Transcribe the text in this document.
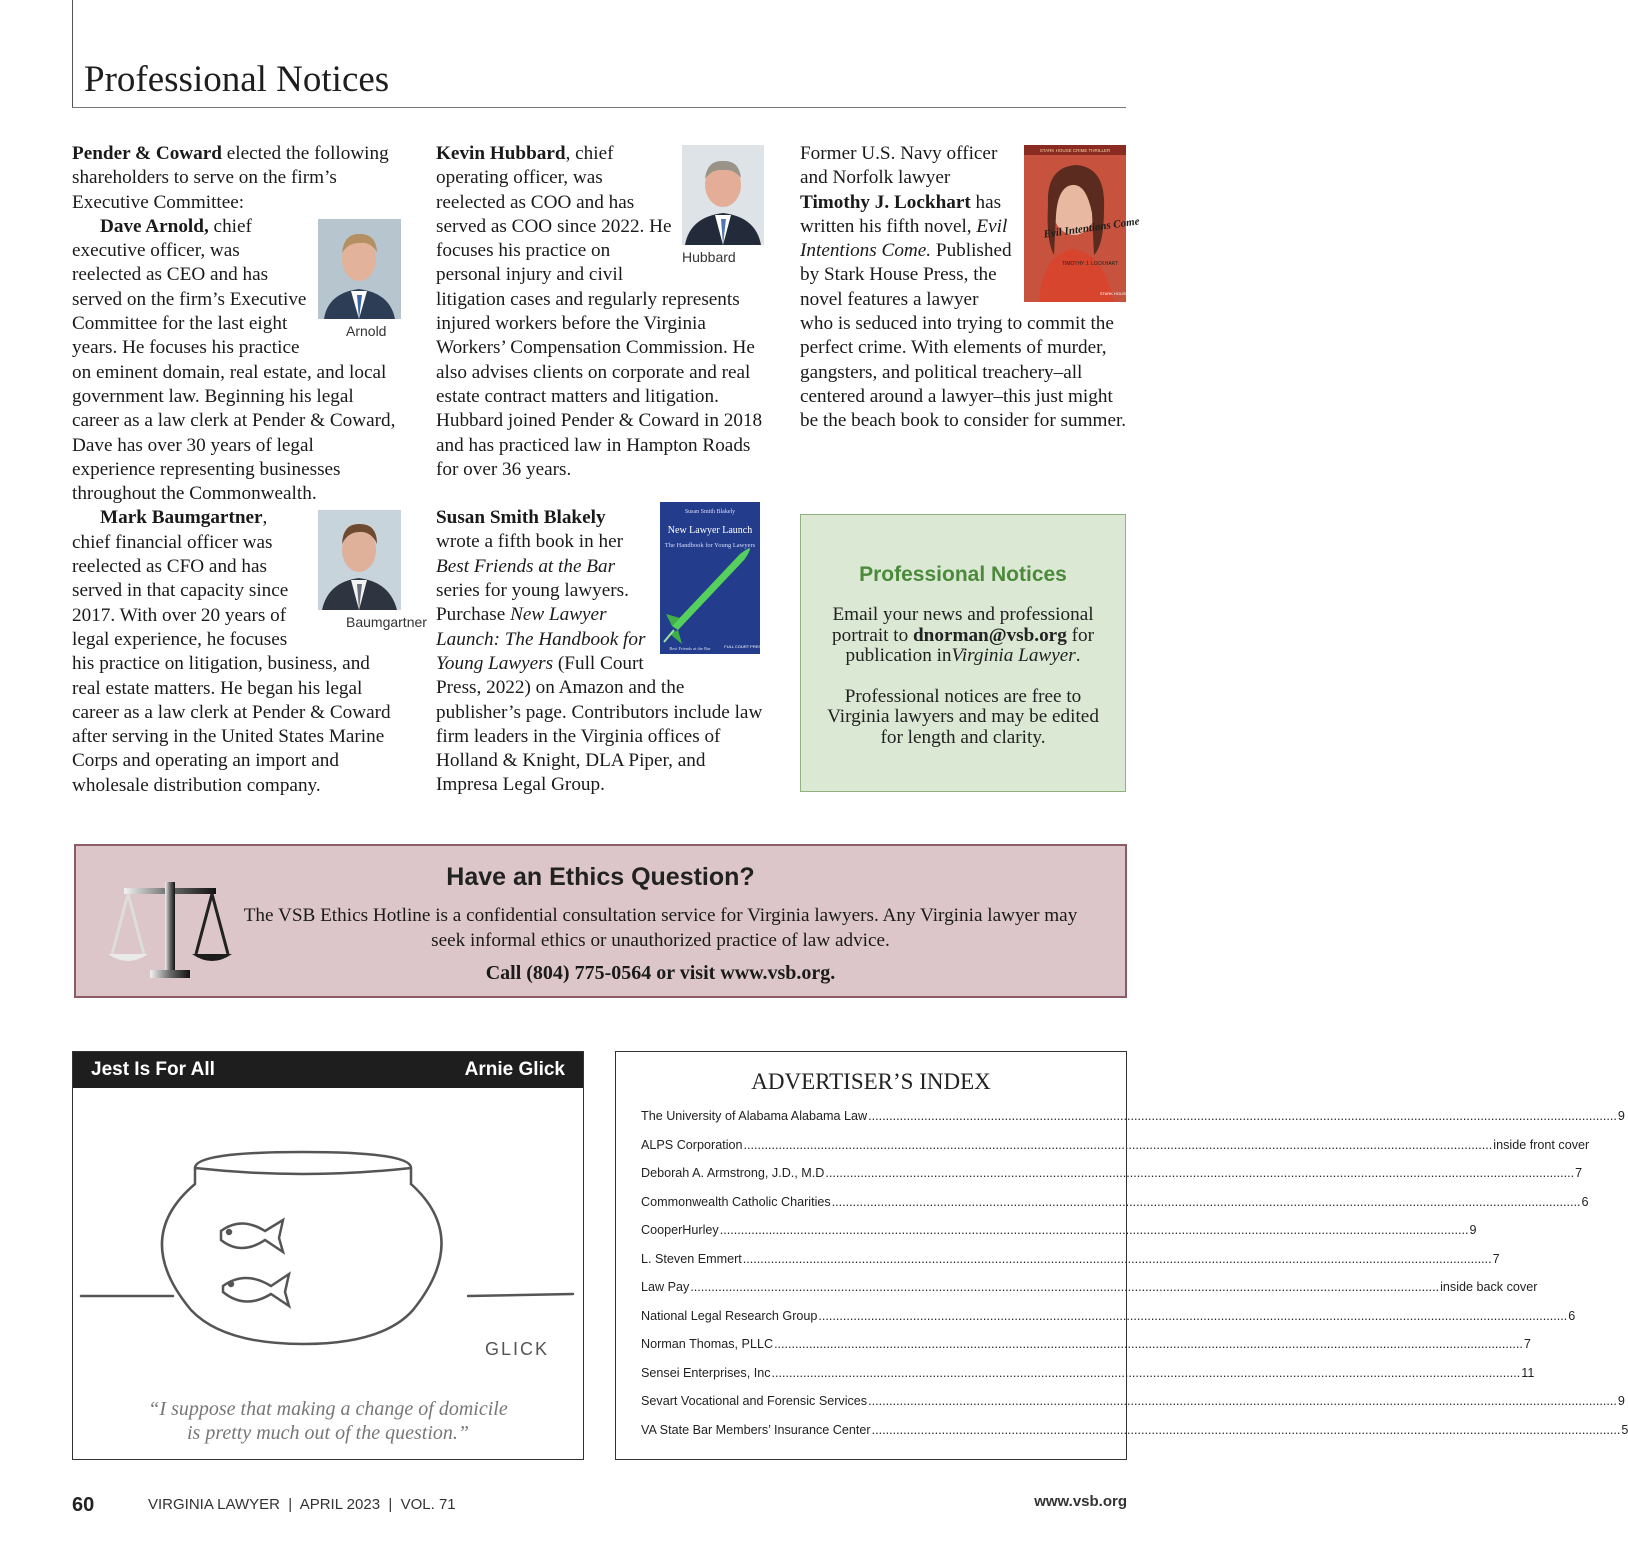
Professional Notices

Pender & Coward elected the following shareholders to serve on the firm’s Executive Committee:

Arnold
Dave Arnold, chief executive officer, was reelected as CEO and has served on the firm’s Executive Committee for the last eight years. He focuses his practice on eminent domain, real estate, and local government law. Beginning his legal career as a law clerk at Pender & Coward, Dave has over 30 years of legal experience representing businesses throughout the Commonwealth.

Baumgartner
Mark Baumgartner, chief financial officer was reelected as CFO and has served in that capacity since 2017. With over 20 years of legal experience, he focuses his practice on litigation, business, and real estate matters. He began his legal career as a law clerk at Pender & Coward after serving in the United States Marine Corps and operating an import and wholesale distribution company.

Hubbard
Kevin Hubbard, chief operating officer, was reelected as COO and has served as COO since 2022. He focuses his practice on personal injury and civil litigation cases and regularly represents injured workers before the Virginia Workers’ Compensation Commission. He also advises clients on corporate and real estate contract matters and litigation. Hubbard joined Pender & Coward in 2018 and has practiced law in Hampton Roads for over 36 years.

Susan Smith Blakely
New Lawyer Launch
The Handbook for Young Lawyers
Best Friends at the Bar	FULL COURT PRESS
Susan Smith Blakely wrote a fifth book in her Best Friends at the Bar series for young lawyers. Purchase New Lawyer Launch: The Handbook for Young Lawyers (Full Court Press, 2022) on Amazon and the publisher’s page. Contributors include law firm leaders in the Virginia offices of Holland & Knight, DLA Piper, and Impresa Legal Group.

STARK HOUSE CRIME THRILLER
Evil Intentions Come
TIMOTHY J. LOCKHART
STARK HOUSE
Former U.S. Navy officer and Norfolk lawyer Timothy J. Lockhart has written his fifth novel, Evil Intentions Come. Published by Stark House Press, the novel features a lawyer who is seduced into trying to commit the perfect crime. With elements of murder, gangsters, and political treachery–all centered around a lawyer–this just might be the beach book to consider for summer.

Professional Notices
Email your news and professional portrait to dnorman@vsb.org for publication inVirginia Lawyer.
Professional notices are free to Virginia lawyers and may be edited for length and clarity.
Have an Ethics Question?
The VSB Ethics Hotline is a confidential consultation service for Virginia lawyers. Any Virginia lawyer may seek informal ethics or unauthorized practice of law advice.
Call (804) 775-0564 or visit www.vsb.org.
Jest Is For All	Arnie Glick
GLICK
“I suppose that making a change of domicile
is pretty much out of the question.”
ADVERTISER’S INDEX
The University of Alabama Alabama Law .....	9
ALPS Corporation .....	inside front cover
Deborah A. Armstrong, J.D., M.D .....	7
Commonwealth Catholic Charities .....	6
CooperHurley .....	9
L. Steven Emmert .....	7
Law Pay .....	inside back cover
National Legal Research Group .....	6
Norman Thomas, PLLC .....	7
Sensei Enterprises, Inc .....	11
Sevart Vocational and Forensic Services .....	9
VA State Bar Members’ Insurance Center .....	5
60	VIRGINIA LAWYER  |  APRIL 2023  |  VOL. 71	www.vsb.org
